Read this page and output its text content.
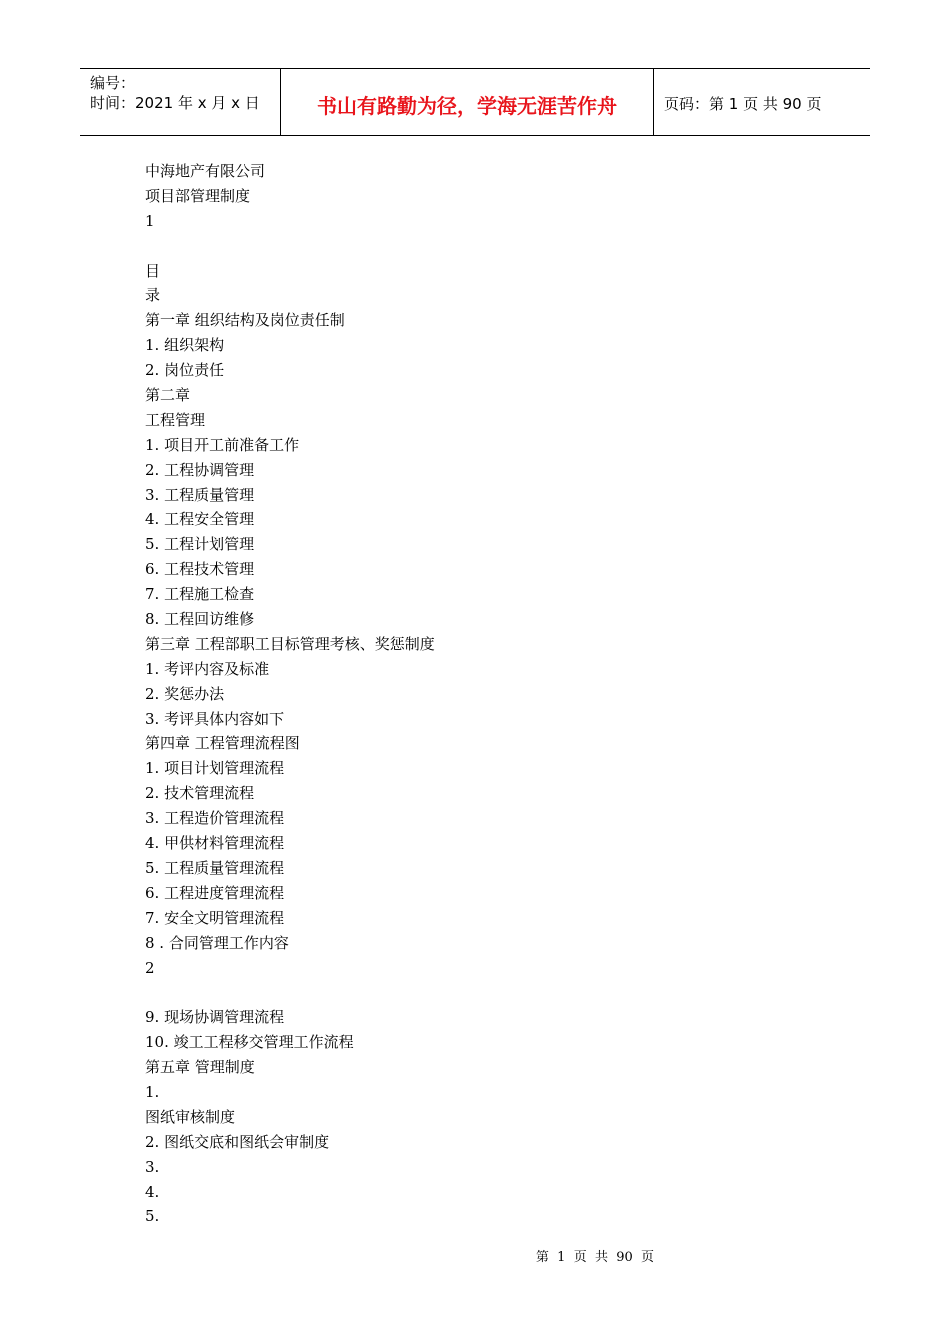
编号：
时间：2021 年 x 月 x 日	书山有路勤为径，学海无涯苦作舟	页码：第 1 页 共 90 页
中海地产有限公司
项目部管理制度
1
目
录
第一章 组织结构及岗位责任制
1. 组织架构
2. 岗位责任
第二章
工程管理
1. 项目开工前准备工作
2. 工程协调管理
3. 工程质量管理
4. 工程安全管理
5. 工程计划管理
6. 工程技术管理
7. 工程施工检查
8. 工程回访维修
第三章 工程部职工目标管理考核、奖惩制度
1. 考评内容及标准
2. 奖惩办法
3. 考评具体内容如下
第四章 工程管理流程图
1. 项目计划管理流程
2. 技术管理流程
3. 工程造价管理流程
4. 甲供材料管理流程
5. 工程质量管理流程
6. 工程进度管理流程
7. 安全文明管理流程
8 . 合同管理工作内容
2
9. 现场协调管理流程
10. 竣工工程移交管理工作流程
第五章 管理制度
1.
图纸审核制度
2. 图纸交底和图纸会审制度
3.
4.
5.
第  1  页  共  90  页
